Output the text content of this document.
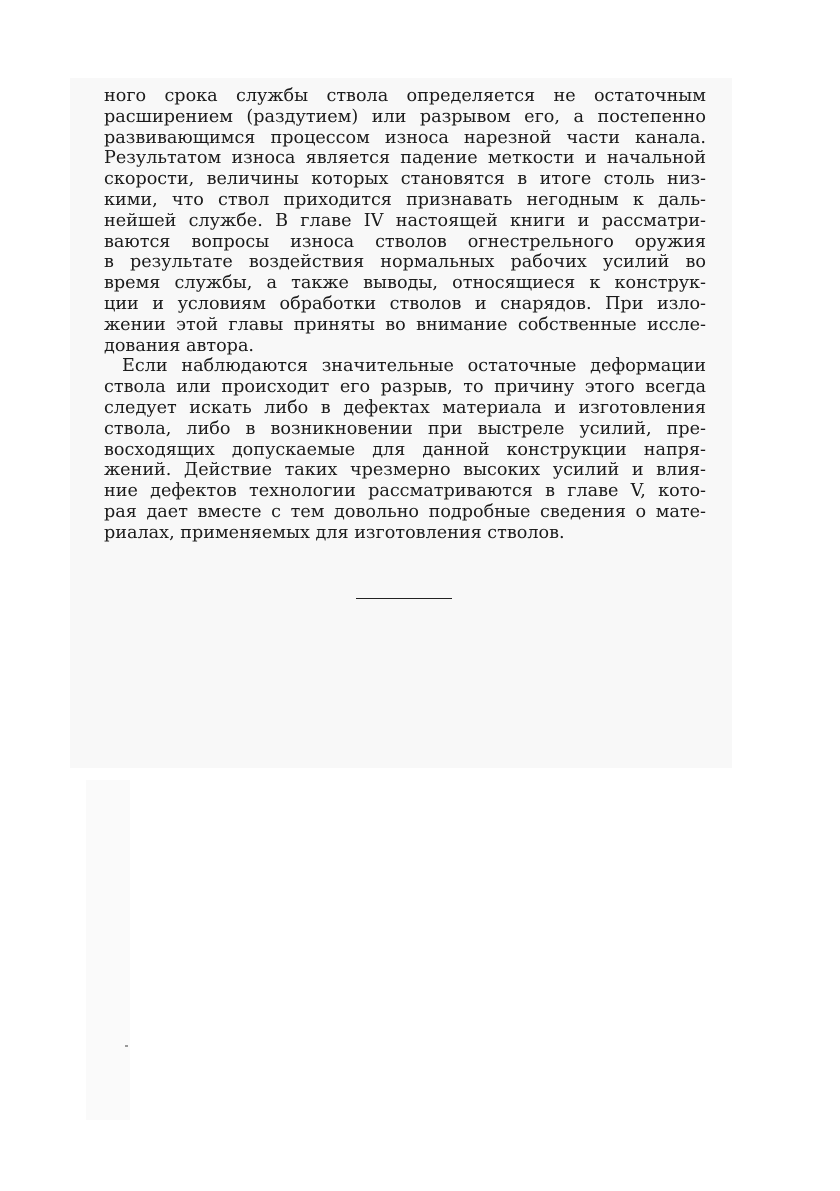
ного срока службы ствола определяется не остаточным
расширением (раздутием) или разрывом его, а постепенно
развивающимся процессом износа нарезной части канала.
Результатом износа является падение меткости и начальной
скорости, величины которых становятся в итоге столь низ-
кими, что ствол приходится признавать негодным к даль-
нейшей службе. В главе IV настоящей книги и рассматри-
ваются вопросы износа стволов огнестрельного оружия
в результате воздействия нормальных рабочих усилий во
время службы, а также выводы, относящиеся к конструк-
ции и условиям обработки стволов и снарядов. При изло-
жении этой главы приняты во внимание собственные иссле-
дования автора.
Если наблюдаются значительные остаточные деформации
ствола или происходит его разрыв, то причину этого всегда
следует искать либо в дефектах материала и изготовления
ствола, либо в возникновении при выстреле усилий, пре-
восходящих допускаемые для данной конструкции напря-
жений. Действие таких чрезмерно высоких усилий и влия-
ние дефектов технологии рассматриваются в главе V, кото-
рая дает вместе с тем довольно подробные сведения о мате-
риалах, применяемых для изготовления стволов.
